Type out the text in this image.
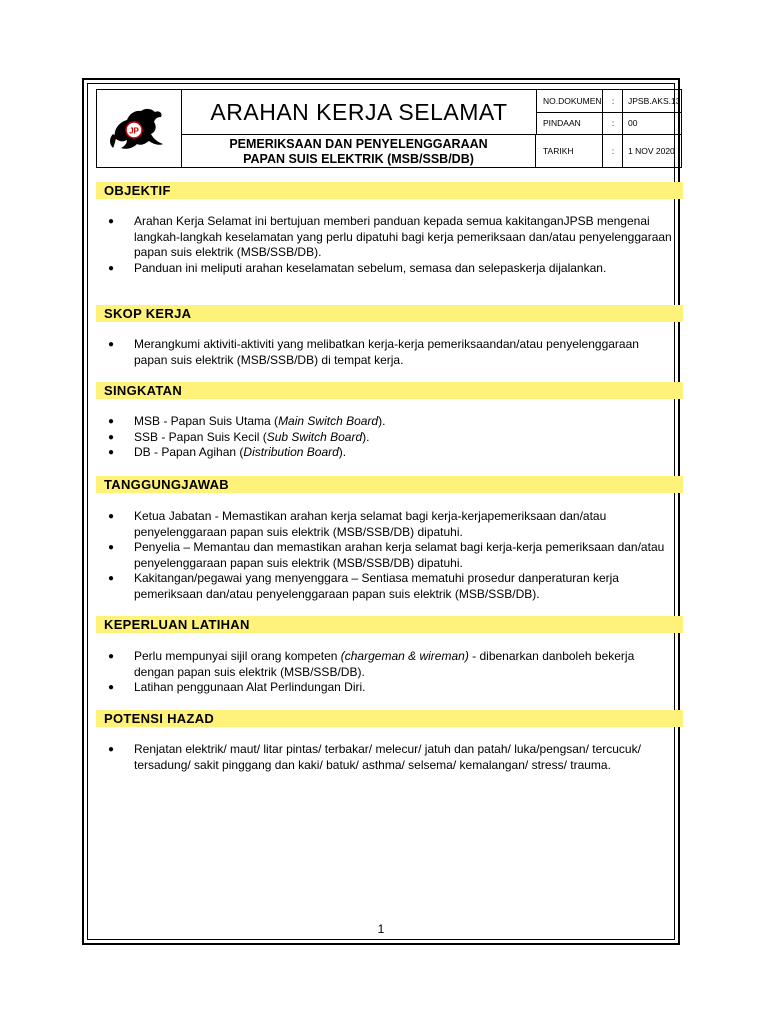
JP
ARAHAN KERJA SELAMAT
PEMERIKSAAN DAN PENYELENGGARAAN
PAPAN SUIS ELEKTRIK (MSB/SSB/DB)
NO.DOKUMEN	:	JPSB.AKS.13
PINDAAN	:	00
TARIKH	:	1 NOV 2020
OBJEKTIF
● Arahan Kerja Selamat ini bertujuan memberi panduan kepada semua kakitanganJPSB mengenai langkah-langkah keselamatan yang perlu dipatuhi bagi kerja pemeriksaan dan/atau penyelenggaraan papan suis elektrik (MSB/SSB/DB).
● Panduan ini meliputi arahan keselamatan sebelum, semasa dan selepaskerja dijalankan.
SKOP KERJA
● Merangkumi aktiviti-aktiviti yang melibatkan kerja-kerja pemeriksaandan/atau penyelenggaraan papan suis elektrik (MSB/SSB/DB) di tempat kerja.
SINGKATAN
● MSB - Papan Suis Utama (Main Switch Board).
● SSB - Papan Suis Kecil (Sub Switch Board).
● DB - Papan Agihan (Distribution Board).
TANGGUNGJAWAB
● Ketua Jabatan - Memastikan arahan kerja selamat bagi kerja-kerjapemeriksaan dan/atau penyelenggaraan papan suis elektrik (MSB/SSB/DB) dipatuhi.
● Penyelia – Memantau dan memastikan arahan kerja selamat bagi kerja-kerja pemeriksaan dan/atau penyelenggaraan papan suis elektrik (MSB/SSB/DB) dipatuhi.
● Kakitangan/pegawai yang menyenggara – Sentiasa mematuhi prosedur danperaturan kerja pemeriksaan dan/atau penyelenggaraan papan suis elektrik (MSB/SSB/DB).
KEPERLUAN LATIHAN
● Perlu mempunyai sijil orang kompeten (chargeman & wireman) - dibenarkan danboleh bekerja dengan papan suis elektrik (MSB/SSB/DB).
● Latihan penggunaan Alat Perlindungan Diri.
POTENSI HAZAD
● Renjatan elektrik/ maut/ litar pintas/ terbakar/ melecur/ jatuh dan patah/ luka/pengsan/ tercucuk/ tersadung/ sakit pinggang dan kaki/ batuk/ asthma/ selsema/ kemalangan/ stress/ trauma.
1
